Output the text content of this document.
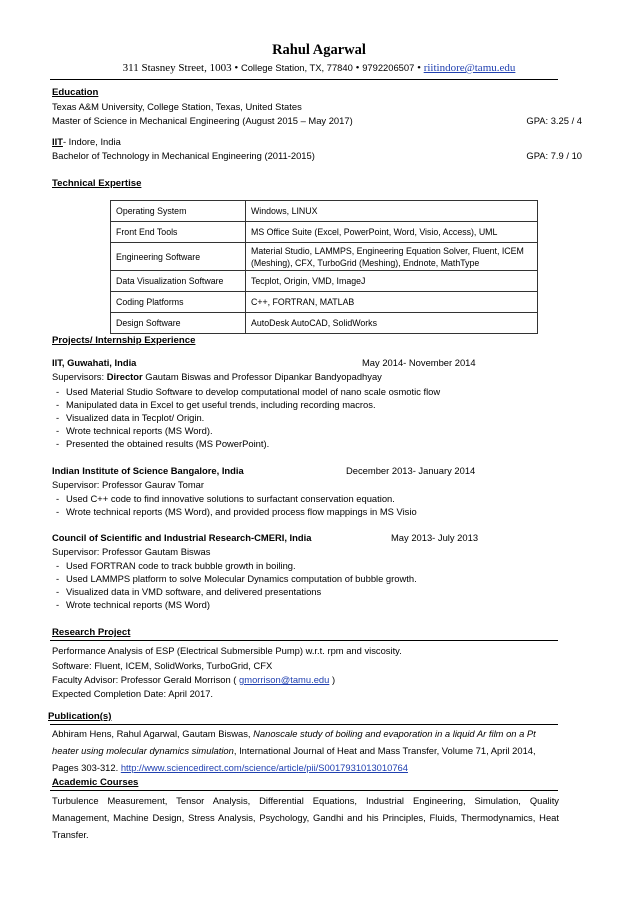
Rahul Agarwal
311 Stasney Street, 1003 • College Station, TX, 77840 • 9792206507 • riitindore@tamu.edu
Education
Texas A&M University, College Station, Texas, United States
Master of Science in Mechanical Engineering (August 2015 – May 2017)	GPA: 3.25 / 4
IIT- Indore, India
Bachelor of Technology in Mechanical Engineering (2011-2015)	GPA: 7.9 / 10
Technical Expertise
Operating System	Windows, LINUX
Front End Tools	MS Office Suite (Excel, PowerPoint, Word, Visio, Access), UML
Engineering Software	Material Studio, LAMMPS, Engineering Equation Solver, Fluent, ICEM (Meshing), CFX, TurboGrid (Meshing), Endnote, MathType
Data Visualization Software	Tecplot, Origin, VMD, ImageJ
Coding Platforms	C++, FORTRAN, MATLAB
Design Software	AutoDesk AutoCAD, SolidWorks
Projects/ Internship Experience
IIT, Guwahati, India	May 2014- November 2014
Supervisors: Director Gautam Biswas and Professor Dipankar Bandyopadhyay
- Used Material Studio Software to develop computational model of nano scale osmotic flow
- Manipulated data in Excel to get useful trends, including recording macros.
- Visualized data in Tecplot/ Origin.
- Wrote technical reports (MS Word).
- Presented the obtained results (MS PowerPoint).
Indian Institute of Science Bangalore, India	December 2013- January 2014
Supervisor: Professor Gaurav Tomar
- Used C++ code to find innovative solutions to surfactant conservation equation.
- Wrote technical reports (MS Word), and provided process flow mappings in MS Visio
Council of Scientific and Industrial Research-CMERI, India	May 2013- July 2013
Supervisor: Professor Gautam Biswas
- Used FORTRAN code to track bubble growth in boiling.
- Used LAMMPS platform to solve Molecular Dynamics computation of bubble growth.
- Visualized data in VMD software, and delivered presentations
- Wrote technical reports (MS Word)
Research Project
Performance Analysis of ESP (Electrical Submersible Pump) w.r.t. rpm and viscosity.
Software: Fluent, ICEM, SolidWorks, TurboGrid, CFX
Faculty Advisor: Professor Gerald Morrison ( gmorrison@tamu.edu )
Expected Completion Date: April 2017.
Publication(s)
Abhiram Hens, Rahul Agarwal, Gautam Biswas, Nanoscale study of boiling and evaporation in a liquid Ar film on a Pt heater using molecular dynamics simulation, International Journal of Heat and Mass Transfer, Volume 71, April 2014, Pages 303-312. http://www.sciencedirect.com/science/article/pii/S0017931013010764
Academic Courses
Turbulence Measurement, Tensor Analysis, Differential Equations, Industrial Engineering, Simulation, Quality Management, Machine Design, Stress Analysis, Psychology, Gandhi and his Principles, Fluids, Thermodynamics, Heat Transfer.
